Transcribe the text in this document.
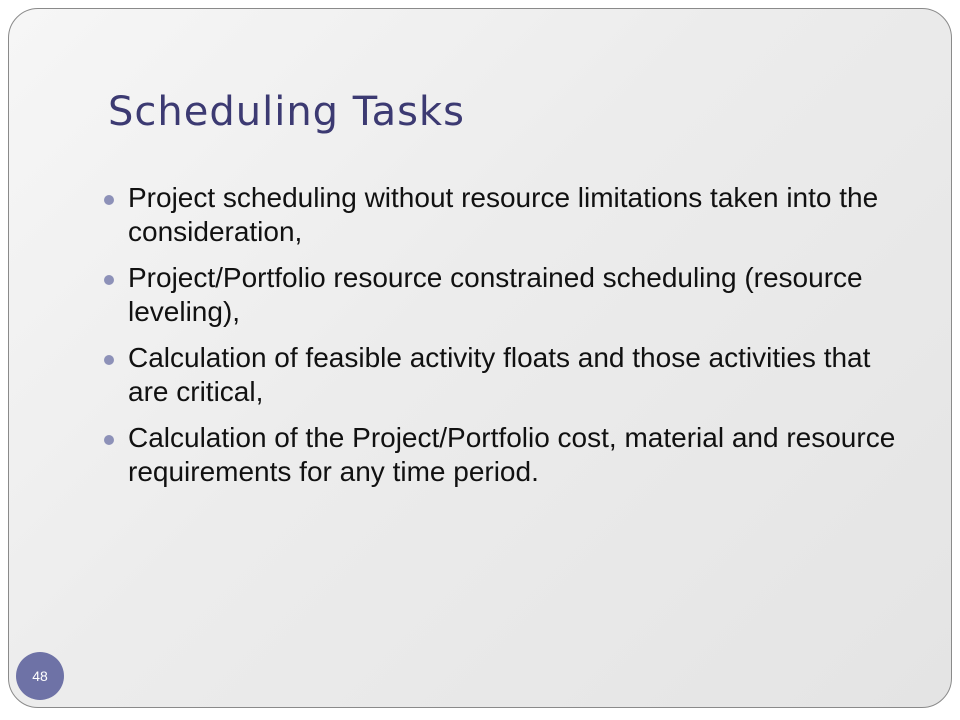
Scheduling Tasks
Project scheduling without resource limitations taken into the consideration,
Project/Portfolio resource constrained scheduling (resource leveling),
Calculation of feasible activity floats and those activities that are critical,
Calculation of the Project/Portfolio cost, material and resource requirements for any time period.
48
